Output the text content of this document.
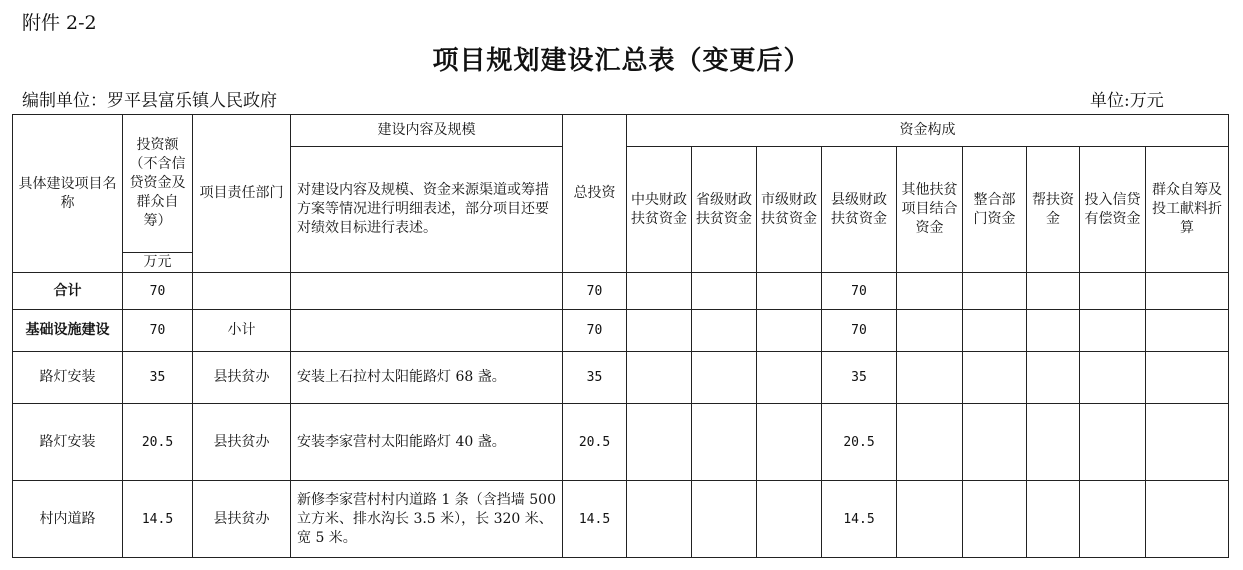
附件 2-2
项目规划建设汇总表（变更后）
编制单位：罗平县富乐镇人民政府	单位:万元
具体建设项目名称	投资额（不含信贷资金及群众自筹）	项目责任部门	建设内容及规模	总投资	资金构成								
			对建设内容及规模、资金来源渠道或筹措方案等情况进行明细表述，部分项目还要对绩效目标进行表述。		中央财政扶贫资金	省级财政扶贫资金	市级财政扶贫资金	县级财政扶贫资金	其他扶贫项目结合资金	整合部门资金	帮扶资金	投入信贷有偿资金	群众自筹及投工献料折算
	万元												
合计	70			70				70					
基础设施建设	70	小计		70				70					
路灯安装	35	县扶贫办	安装上石拉村太阳能路灯 68 盏。	35				35					
路灯安装	20.5	县扶贫办	安装李家营村太阳能路灯 40 盏。	20.5				20.5					
村内道路	14.5	县扶贫办	新修李家营村村内道路 1 条（含挡墙 500 立方米、排水沟长 3.5 米），长 320 米、宽 5 米。	14.5				14.5					
